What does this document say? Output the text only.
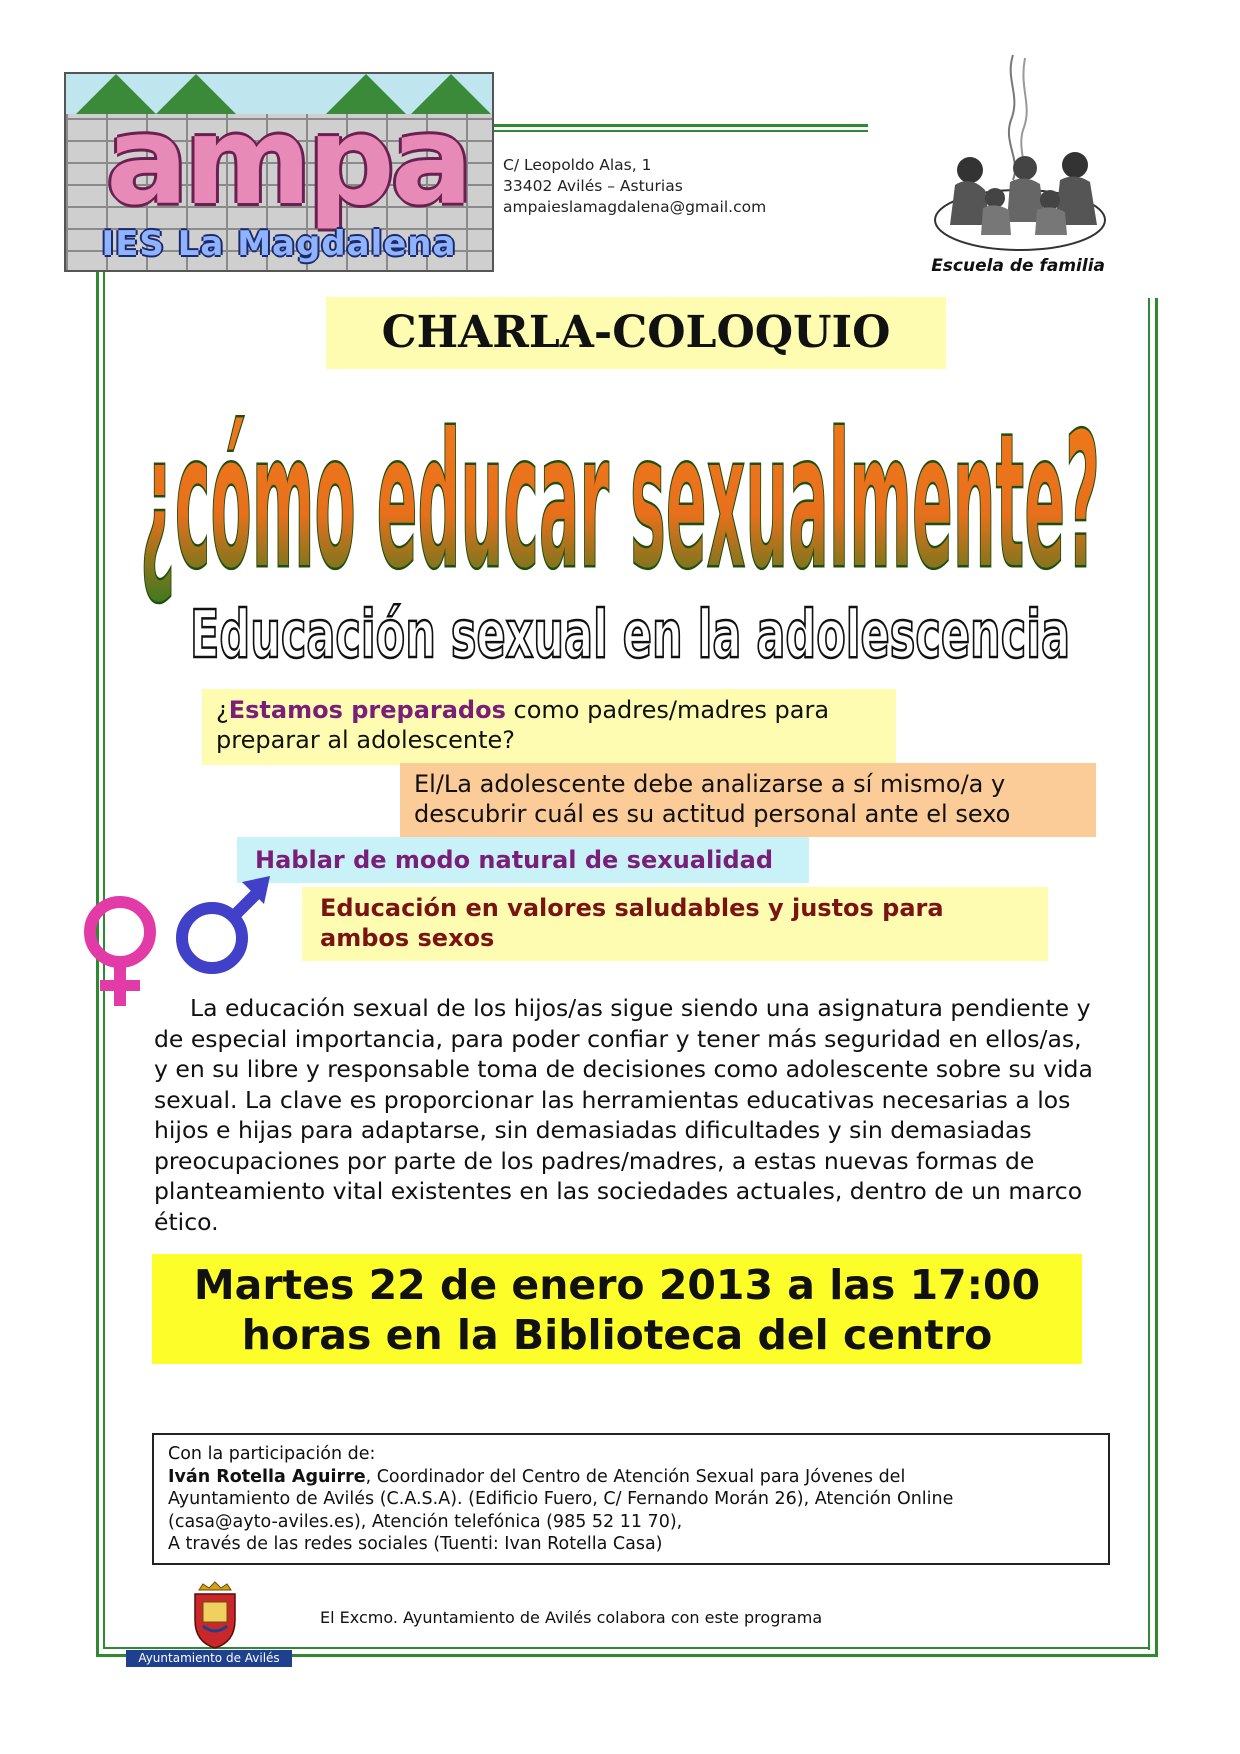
ampa
IES La Magdalena
C/ Leopoldo Alas, 1
33402 Avilés – Asturias
ampaieslamagdalena@gmail.com
Escuela de familia
CHARLA-COLOQUIO
¿cómo educar sexualmente?
Educación sexual en la adolescencia
¿Estamos preparados como padres/madres para preparar al adolescente?
El/La adolescente debe analizarse a sí mismo/a y descubrir cuál es su actitud personal ante el sexo
Hablar de modo natural de sexualidad
Educación en valores saludables y justos para ambos sexos
La educación sexual de los hijos/as sigue siendo una asignatura pendiente y de especial importancia, para poder confiar y tener más seguridad en ellos/as, y en su libre y responsable toma de decisiones como adolescente sobre su vida sexual. La clave es proporcionar las herramientas educativas necesarias a los hijos e hijas para adaptarse, sin demasiadas dificultades y sin demasiadas preocupaciones por parte de los padres/madres, a estas nuevas formas de planteamiento vital existentes en las sociedades actuales, dentro de un marco ético.
Martes 22 de enero 2013 a las 17:00
horas en la Biblioteca del centro
Con la participación de:
Iván Rotella Aguirre, Coordinador del Centro de Atención Sexual para Jóvenes del
Ayuntamiento de Avilés (C.A.S.A). (Edificio Fuero, C/ Fernando Morán 26), Atención Online
(casa@ayto-aviles.es), Atención telefónica (985 52 11 70),
A través de las redes sociales (Tuenti: Ivan Rotella Casa)
Ayuntamiento de Avilés
El Excmo. Ayuntamiento de Avilés colabora con este programa
